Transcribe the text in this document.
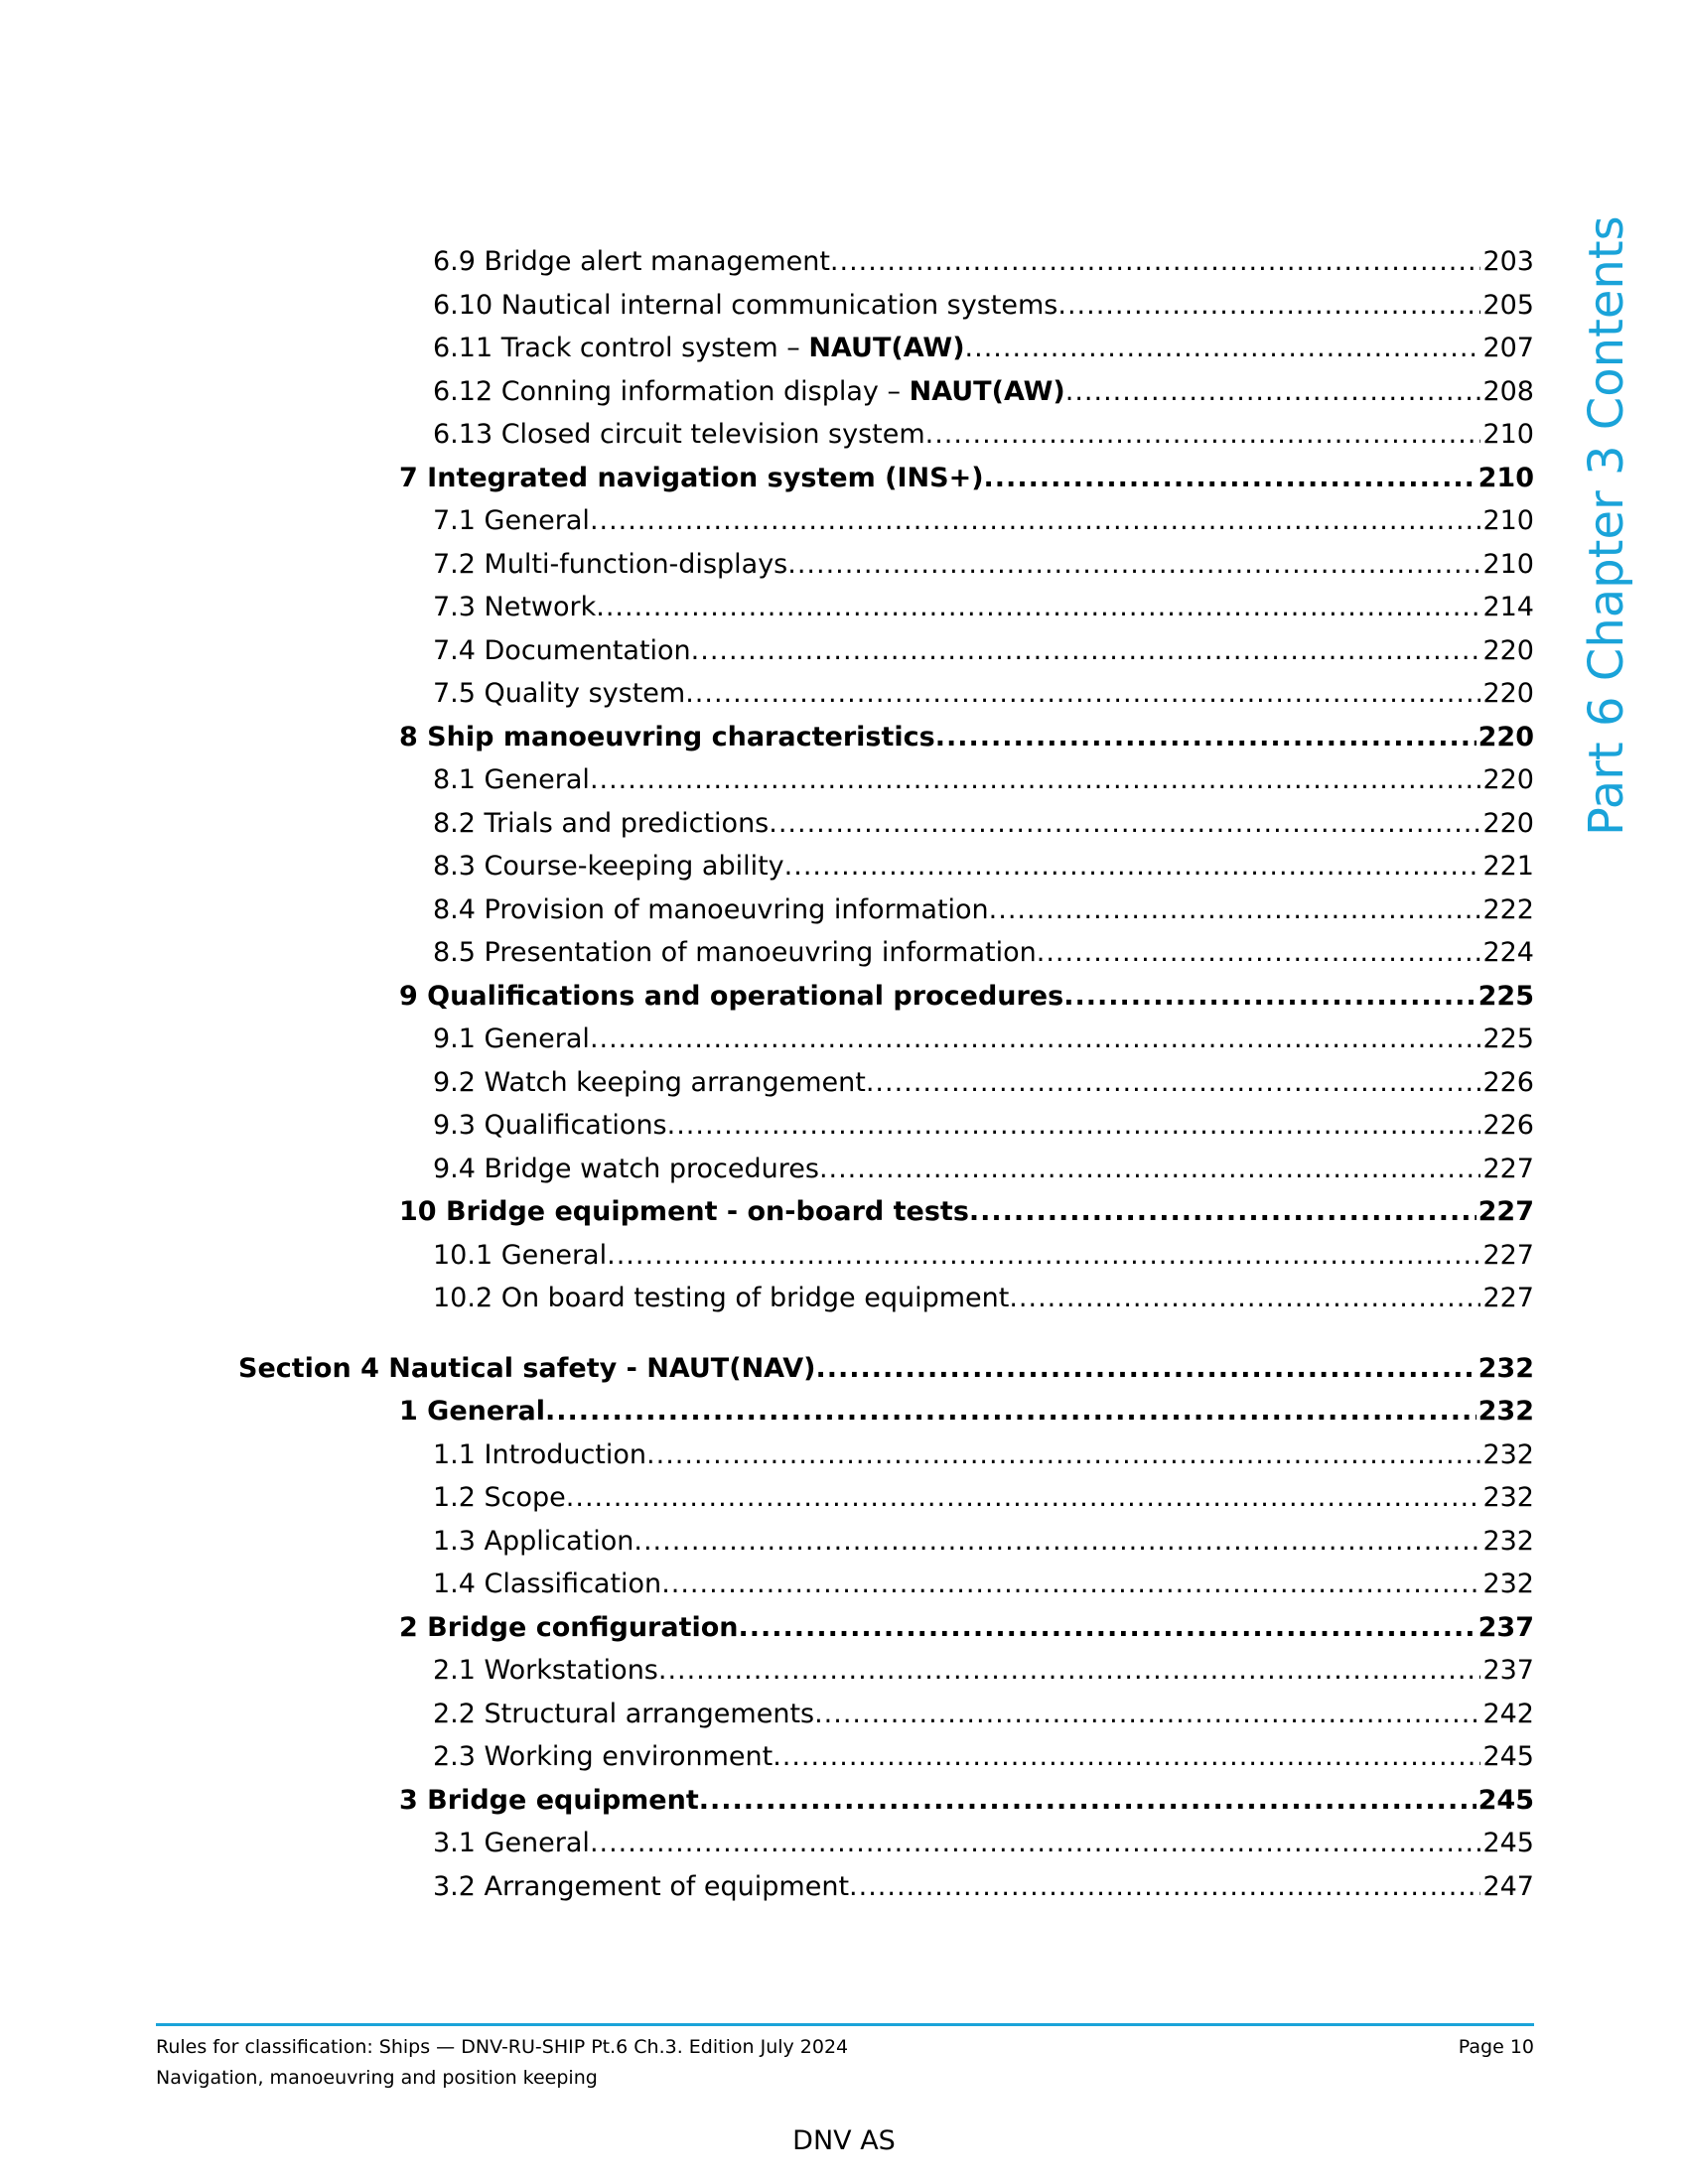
6.9 Bridge alert management .....	203
6.10 Nautical internal communication systems .....	205
6.11 Track control system – NAUT(AW) .....	207
6.12 Conning information display – NAUT(AW) .....	208
6.13 Closed circuit television system .....	210
7 Integrated navigation system (INS+) .....	210
7.1 General .....	210
7.2 Multi-function-displays .....	210
7.3 Network .....	214
7.4 Documentation .....	220
7.5 Quality system .....	220
8 Ship manoeuvring characteristics .....	220
8.1 General .....	220
8.2 Trials and predictions .....	220
8.3 Course-keeping ability .....	221
8.4 Provision of manoeuvring information .....	222
8.5 Presentation of manoeuvring information .....	224
9 Qualifications and operational procedures .....	225
9.1 General .....	225
9.2 Watch keeping arrangement .....	226
9.3 Qualifications .....	226
9.4 Bridge watch procedures .....	227
10 Bridge equipment - on-board tests .....	227
10.1 General .....	227
10.2 On board testing of bridge equipment .....	227
Section 4 Nautical safety - NAUT(NAV) .....	232
1 General .....	232
1.1 Introduction .....	232
1.2 Scope .....	232
1.3 Application .....	232
1.4 Classification .....	232
2 Bridge configuration .....	237
2.1 Workstations .....	237
2.2 Structural arrangements .....	242
2.3 Working environment .....	245
3 Bridge equipment .....	245
3.1 General .....	245
3.2 Arrangement of equipment .....	247
Part 6 Chapter 3 Contents
Rules for classification: Ships — DNV-RU-SHIP Pt.6 Ch.3. Edition July 2024
Navigation, manoeuvring and position keeping
Page 10
DNV AS
